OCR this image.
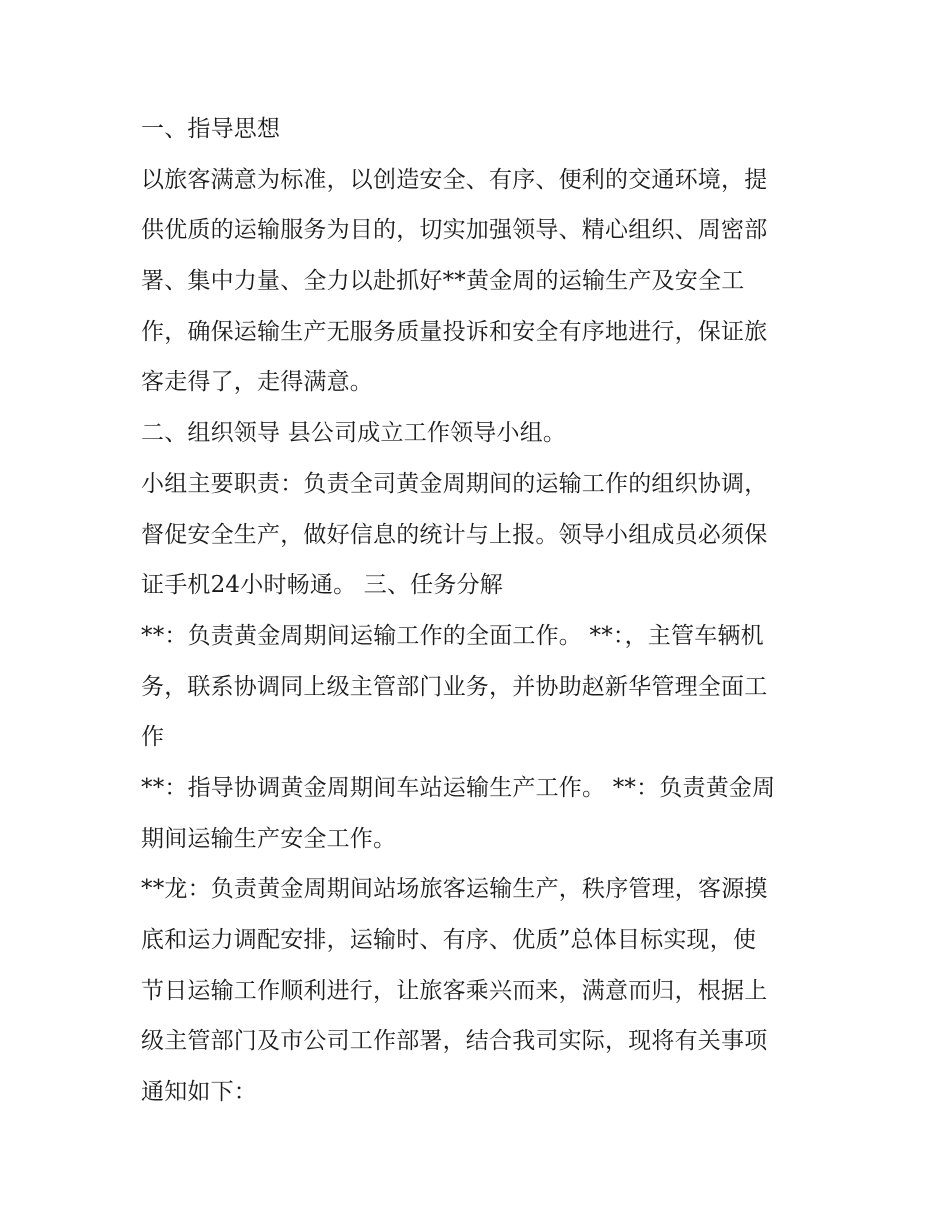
一、指导思想
以旅客满意为标准，以创造安全、有序、便利的交通环境，提
供优质的运输服务为目的，切实加强领导、精心组织、周密部
署、集中力量、全力以赴抓好**黄金周的运输生产及安全工
作，确保运输生产无服务质量投诉和安全有序地进行，保证旅
客走得了，走得满意。
二、组织领导 县公司成立工作领导小组。
小组主要职责：负责全司黄金周期间的运输工作的组织协调，
督促安全生产，做好信息的统计与上报。领导小组成员必须保
证手机24小时畅通。 三、任务分解
**：负责黄金周期间运输工作的全面工作。 **：，主管车辆机
务，联系协调同上级主管部门业务，并协助赵新华管理全面工
作
**：指导协调黄金周期间车站运输生产工作。 **：负责黄金周
期间运输生产安全工作。
**龙：负责黄金周期间站场旅客运输生产，秩序管理，客源摸
底和运力调配安排，运输时、有序、优质”总体目标实现，使
节日运输工作顺利进行，让旅客乘兴而来，满意而归，根据上
级主管部门及市公司工作部署，结合我司实际，现将有关事项
通知如下：
